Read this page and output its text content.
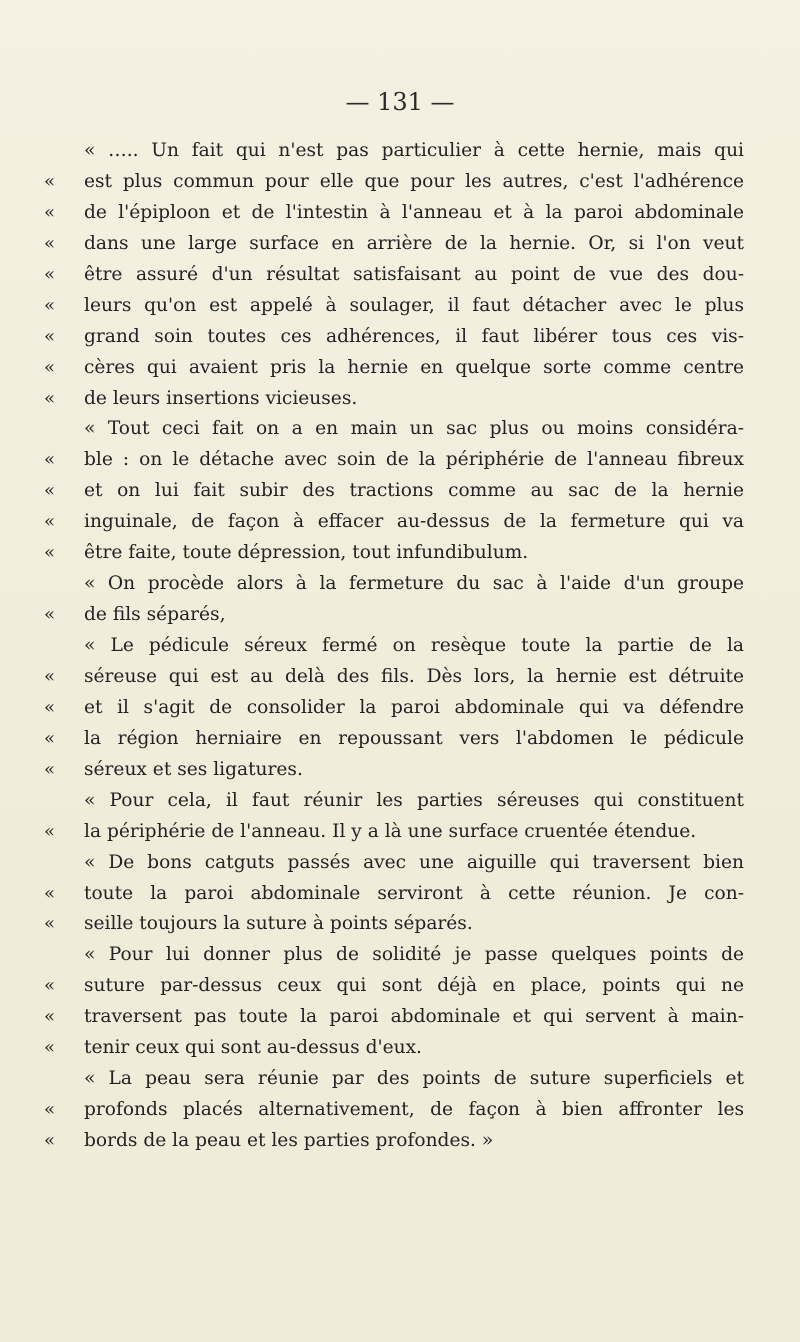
— 131 —
« ….. Un fait qui n'est pas particulier à cette hernie, mais qui
«	est plus commun pour elle que pour les autres, c'est l'adhérence
«	de l'épiploon et de l'intestin à l'anneau et à la paroi abdominale
«	dans une large surface en arrière de la hernie. Or, si l'on veut
«	être assuré d'un résultat satisfaisant au point de vue des dou-
«	leurs qu'on est appelé à soulager, il faut détacher avec le plus
«	grand soin toutes ces adhérences, il faut libérer tous ces vis-
«	cères qui avaient pris la hernie en quelque sorte comme centre
«	de leurs insertions vicieuses.
« Tout ceci fait on a en main un sac plus ou moins considéra-
«	ble : on le détache avec soin de la périphérie de l'anneau fibreux
«	et on lui fait subir des tractions comme au sac de la hernie
«	inguinale, de façon à effacer au-dessus de la fermeture qui va
«	être faite, toute dépression, tout infundibulum.
« On procède alors à la fermeture du sac à l'aide d'un groupe
«	de fils séparés,
« Le pédicule séreux fermé on resèque toute la partie de la
«	séreuse qui est au delà des fils. Dès lors, la hernie est détruite
«	et il s'agit de consolider la paroi abdominale qui va défendre
«	la région herniaire en repoussant vers l'abdomen le pédicule
«	séreux et ses ligatures.
« Pour cela, il faut réunir les parties séreuses qui constituent
«	la périphérie de l'anneau. Il y a là une surface cruentée étendue.
« De bons catguts passés avec une aiguille qui traversent bien
«	toute la paroi abdominale serviront à cette réunion. Je con-
«	seille toujours la suture à points séparés.
« Pour lui donner plus de solidité je passe quelques points de
«	suture par-dessus ceux qui sont déjà en place, points qui ne
«	traversent pas toute la paroi abdominale et qui servent à main-
«	tenir ceux qui sont au-dessus d'eux.
« La peau sera réunie par des points de suture superficiels et
«	profonds placés alternativement, de façon à bien affronter les
«	bords de la peau et les parties profondes. »
